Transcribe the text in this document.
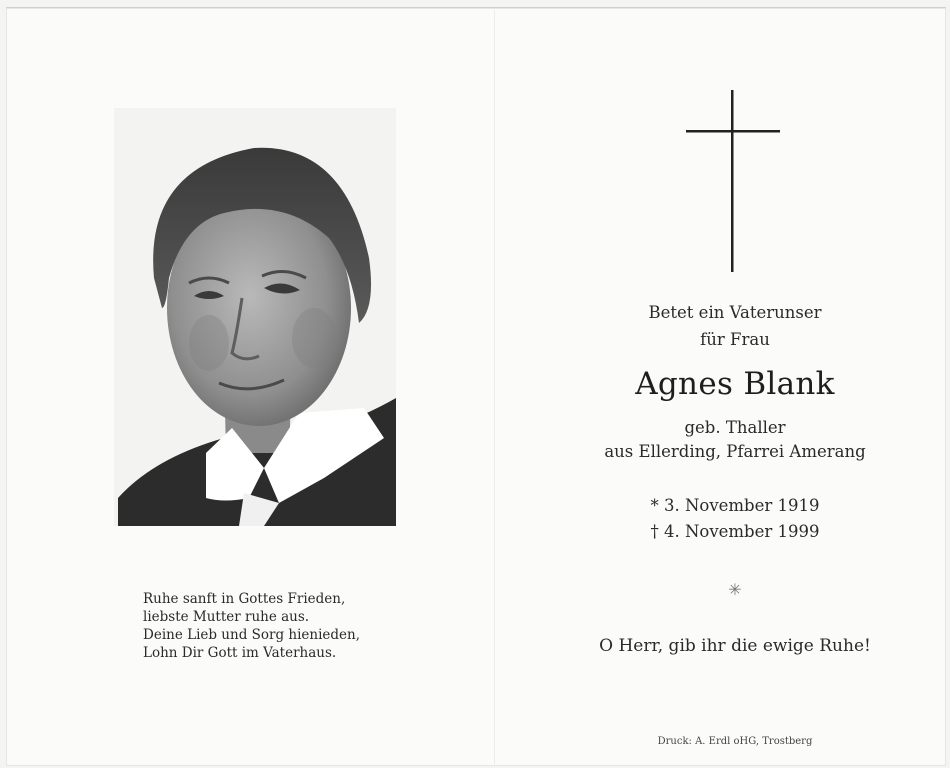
Ruhe sanft in Gottes Frieden,
liebste Mutter ruhe aus.
Deine Lieb und Sorg hienieden,
Lohn Dir Gott im Vaterhaus.
Betet ein Vaterunser
für Frau
Agnes Blank
geb. Thaller
aus Ellerding, Pfarrei Amerang
* 3. November 1919
† 4. November 1999
✳
O Herr, gib ihr die ewige Ruhe!
Druck: A. Erdl oHG, Trostberg
